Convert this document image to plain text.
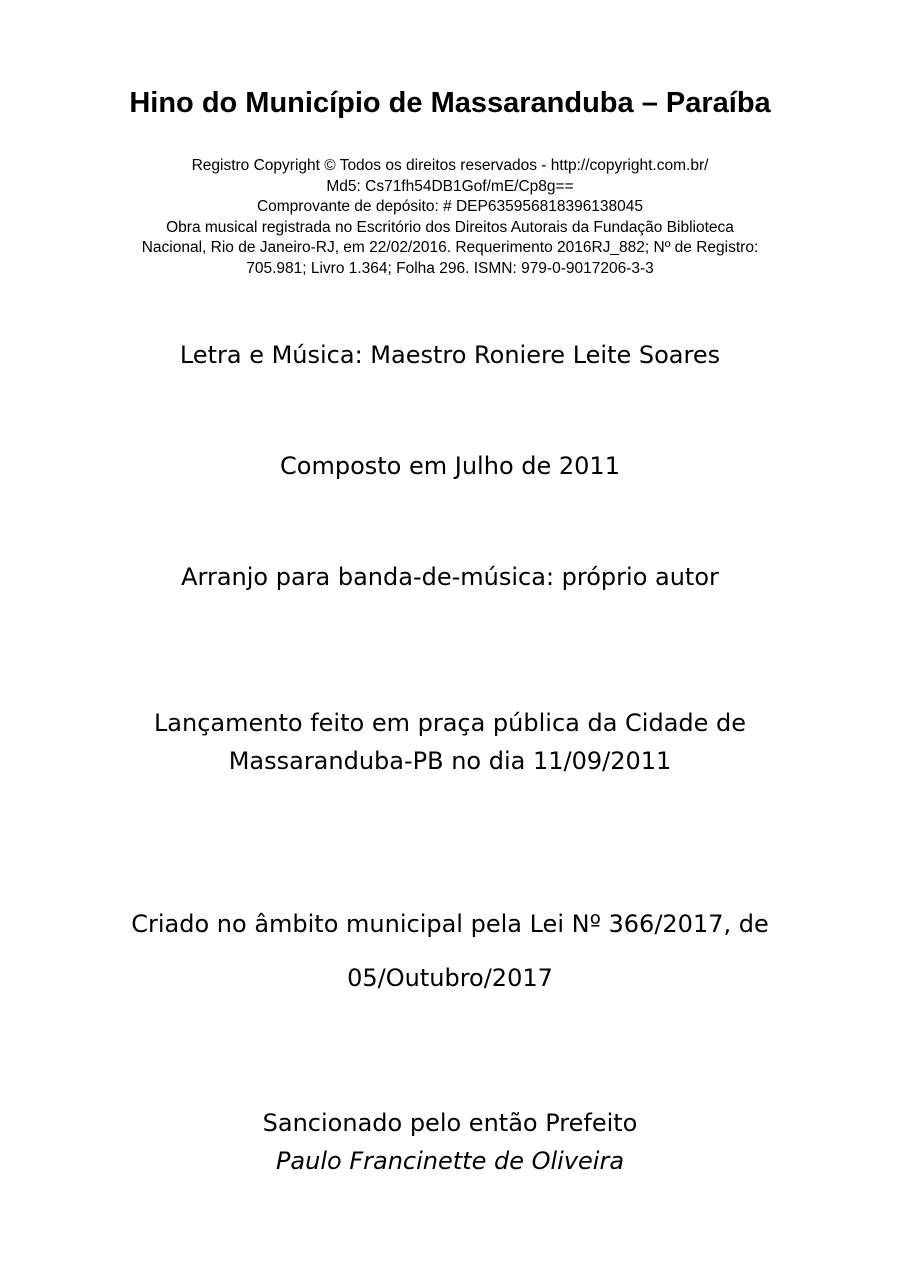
Hino do Município de Massaranduba – Paraíba
Registro Copyright © Todos os direitos reservados - http://copyright.com.br/
Md5: Cs71fh54DB1Gof/mE/Cp8g==
Comprovante de depósito: # DEP635956818396138045
Obra musical registrada no Escritório dos Direitos Autorais da Fundação Biblioteca
Nacional, Rio de Janeiro-RJ, em 22/02/2016. Requerimento 2016RJ_882; Nº de Registro:
705.981; Livro 1.364; Folha 296. ISMN: 979-0-9017206-3-3
Letra e Música: Maestro Roniere Leite Soares
Composto em Julho de 2011
Arranjo para banda-de-música: próprio autor
Lançamento feito em praça pública da Cidade de
Massaranduba-PB no dia 11/09/2011
Criado no âmbito municipal pela Lei Nº 366/2017, de
05/Outubro/2017
Sancionado pelo então Prefeito
Paulo Francinette de Oliveira
